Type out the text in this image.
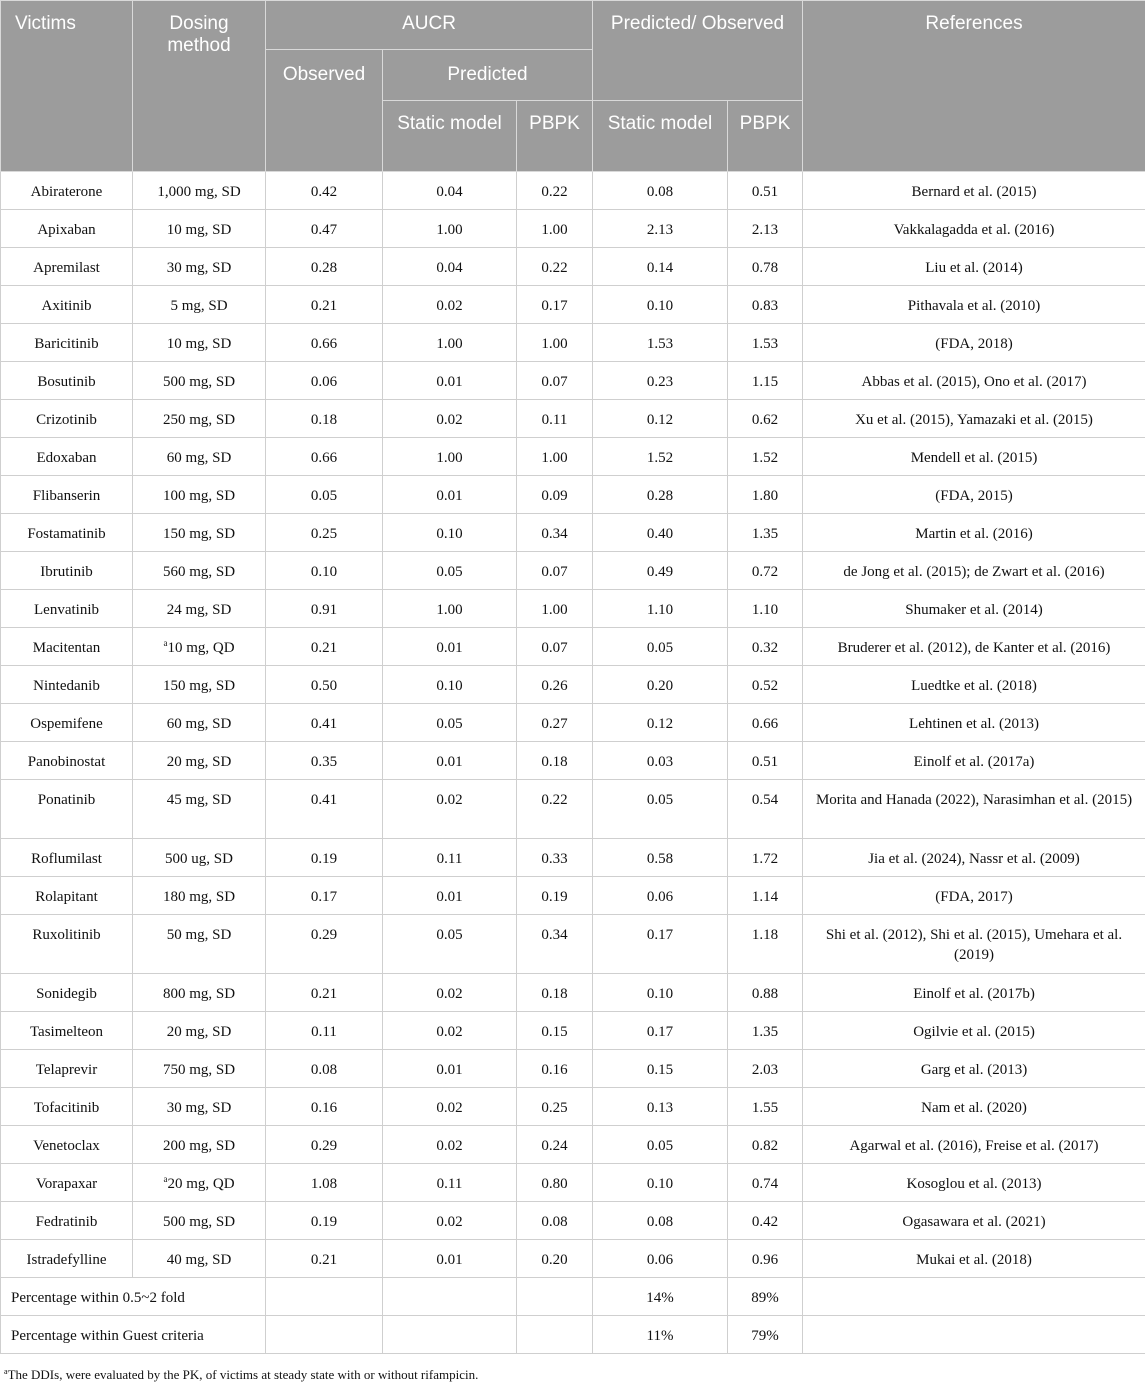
Victims	Dosing method	AUCR			Predicted/ Observed		References
		Observed	Predicted				
			Static model	PBPK	Static model	PBPK	
Abiraterone	1,000 mg, SD	0.42	0.04	0.22	0.08	0.51	Bernard et al. (2015)
Apixaban	10 mg, SD	0.47	1.00	1.00	2.13	2.13	Vakkalagadda et al. (2016)
Apremilast	30 mg, SD	0.28	0.04	0.22	0.14	0.78	Liu et al. (2014)
Axitinib	5 mg, SD	0.21	0.02	0.17	0.10	0.83	Pithavala et al. (2010)
Baricitinib	10 mg, SD	0.66	1.00	1.00	1.53	1.53	(FDA, 2018)
Bosutinib	500 mg, SD	0.06	0.01	0.07	0.23	1.15	Abbas et al. (2015), Ono et al. (2017)
Crizotinib	250 mg, SD	0.18	0.02	0.11	0.12	0.62	Xu et al. (2015), Yamazaki et al. (2015)
Edoxaban	60 mg, SD	0.66	1.00	1.00	1.52	1.52	Mendell et al. (2015)
Flibanserin	100 mg, SD	0.05	0.01	0.09	0.28	1.80	(FDA, 2015)
Fostamatinib	150 mg, SD	0.25	0.10	0.34	0.40	1.35	Martin et al. (2016)
Ibrutinib	560 mg, SD	0.10	0.05	0.07	0.49	0.72	de Jong et al. (2015); de Zwart et al. (2016)
Lenvatinib	24 mg, SD	0.91	1.00	1.00	1.10	1.10	Shumaker et al. (2014)
Macitentan	$^a$10 mg, QD	0.21	0.01	0.07	0.05	0.32	Bruderer et al. (2012), de Kanter et al. (2016)
Nintedanib	150 mg, SD	0.50	0.10	0.26	0.20	0.52	Luedtke et al. (2018)
Ospemifene	60 mg, SD	0.41	0.05	0.27	0.12	0.66	Lehtinen et al. (2013)
Panobinostat	20 mg, SD	0.35	0.01	0.18	0.03	0.51	Einolf et al. (2017a)
Ponatinib	45 mg, SD	0.41	0.02	0.22	0.05	0.54	Morita and Hanada (2022), Narasimhan et al. (2015)
Roflumilast	500 ug, SD	0.19	0.11	0.33	0.58	1.72	Jia et al. (2024), Nassr et al. (2009)
Rolapitant	180 mg, SD	0.17	0.01	0.19	0.06	1.14	(FDA, 2017)
Ruxolitinib	50 mg, SD	0.29	0.05	0.34	0.17	1.18	Shi et al. (2012), Shi et al. (2015), Umehara et al. (2019)
Sonidegib	800 mg, SD	0.21	0.02	0.18	0.10	0.88	Einolf et al. (2017b)
Tasimelteon	20 mg, SD	0.11	0.02	0.15	0.17	1.35	Ogilvie et al. (2015)
Telaprevir	750 mg, SD	0.08	0.01	0.16	0.15	2.03	Garg et al. (2013)
Tofacitinib	30 mg, SD	0.16	0.02	0.25	0.13	1.55	Nam et al. (2020)
Venetoclax	200 mg, SD	0.29	0.02	0.24	0.05	0.82	Agarwal et al. (2016), Freise et al. (2017)
Vorapaxar	$^a$20 mg, QD	1.08	0.11	0.80	0.10	0.74	Kosoglou et al. (2013)
Fedratinib	500 mg, SD	0.19	0.02	0.08	0.08	0.42	Ogasawara et al. (2021)
Istradefylline	40 mg, SD	0.21	0.01	0.20	0.06	0.96	Mukai et al. (2018)
Percentage within 0.5~2 fold					14%	89%	
Percentage within Guest criteria					11%	79%	
$^a$The DDIs, were evaluated by the PK, of victims at steady state with or without rifampicin.
